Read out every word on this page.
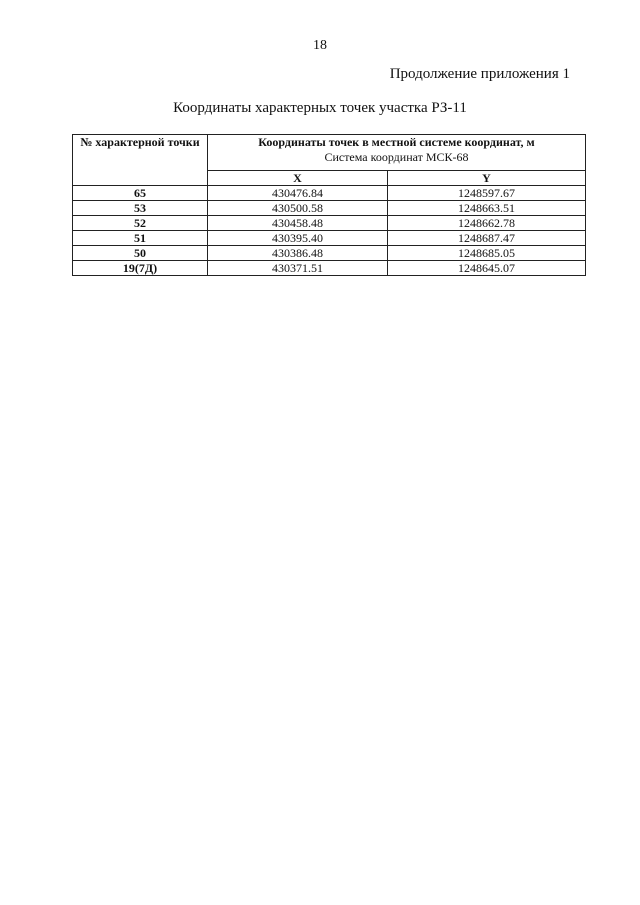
18
Продолжение приложения 1
Координаты характерных точек участка РЗ-11
№ характерной точки	Координаты точек в местной системе координат, м
Система координат МСК-68	

	X	Y
65	430476.84	1248597.67
53	430500.58	1248663.51
52	430458.48	1248662.78
51	430395.40	1248687.47
50	430386.48	1248685.05
19(7Д)	430371.51	1248645.07
